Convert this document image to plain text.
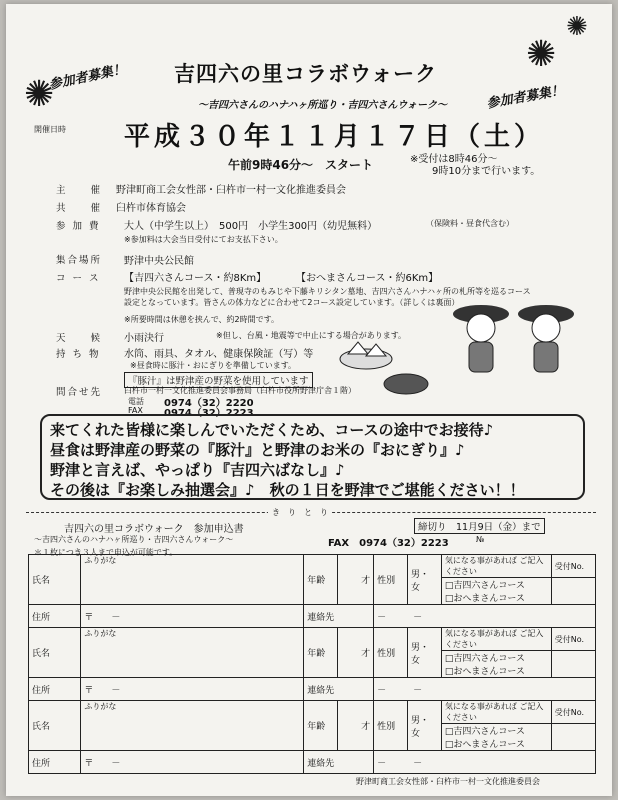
✺
✺
✺
参加者募集！ 吉四六の里コラボウォーク
～吉四六さんのハナハヶ所巡り・吉四六さんウォーク～	参加者募集！
開催日時 平成３０年１１月１７日（土）
午前9時46分～　スタート	※受付は8時46分～
9時10分まで行います。
主　　催 野津町商工会女性部・臼杵市一村一文化推進委員会
共　　催 臼杵市体育協会
参 加 費 大人（中学生以上）　500円　小学生300円（幼児無料）	（保険料・昼食代含む）
※参加料は大会当日受付にてお支払下さい。
集合場所 野津中央公民館
コ ー ス 【吉四六さんコース・約8Km】	【おへまさんコース・約6Km】
野津中央公民館を出発して、普現寺のもみじや下藤キリシタン墓地、吉四六さんハナハヶ所の札所等を巡るコース
設定となっています。皆さんの体力などに合わせて2コース設定しています。（詳しくは裏面）
※所要時間は休憩を挟んで、約2時間です。
天　　候 小雨決行	※但し、台風・地震等で中止にする場合があります。
持 ち 物 水筒、雨具、タオル、健康保険証（写）等
※昼食時に豚汁・おにぎりを準備しています。
『豚汁』は野津産の野菜を使用しています
問合せ先	臼杵市一村一文化推進委員会事務局（臼杵市役所野津庁舎１階）
電話 0974（32）2220
FAX 0974（32）2223
来てくれた皆様に楽しんでいただくため、コースの途中でお接待♪
昼食は野津産の野菜の『豚汁』と野津のお米の『おにぎり』♪
野津と言えば、やっぱり『吉四六ばなし』♪
その後は『お楽しみ抽選会』♪　秋の１日を野津でご堪能ください！！
き　り　と　り
吉四六の里コラボウォーク　参加申込書	締切り　11月9日（金）まで
～吉四六さんのハナハヶ所巡り・吉四六さんウォーク～	FAX　0974（32）2223	№
＊１枚につき３人まで申込が可能です。
氏名	ふりがな	年齢	才	性別	男・女	気になる事があれば ご記入ください	受付No.
						□吉四六さんコース
□おへまさんコース	
住所	〒　　－	連絡先		－　　　－			
氏名	ふりがな	年齢	才	性別	男・女	気になる事があれば ご記入ください	受付No.
						□吉四六さんコース
□おへまさんコース	
住所	〒　　－	連絡先		－　　　－			
氏名	ふりがな	年齢	才	性別	男・女	気になる事があれば ご記入ください	受付No.
						□吉四六さんコース
□おへまさんコース	
住所	〒　　－	連絡先		－　　　－			
野津町商工会女性部・臼杵市一村一文化推進委員会
